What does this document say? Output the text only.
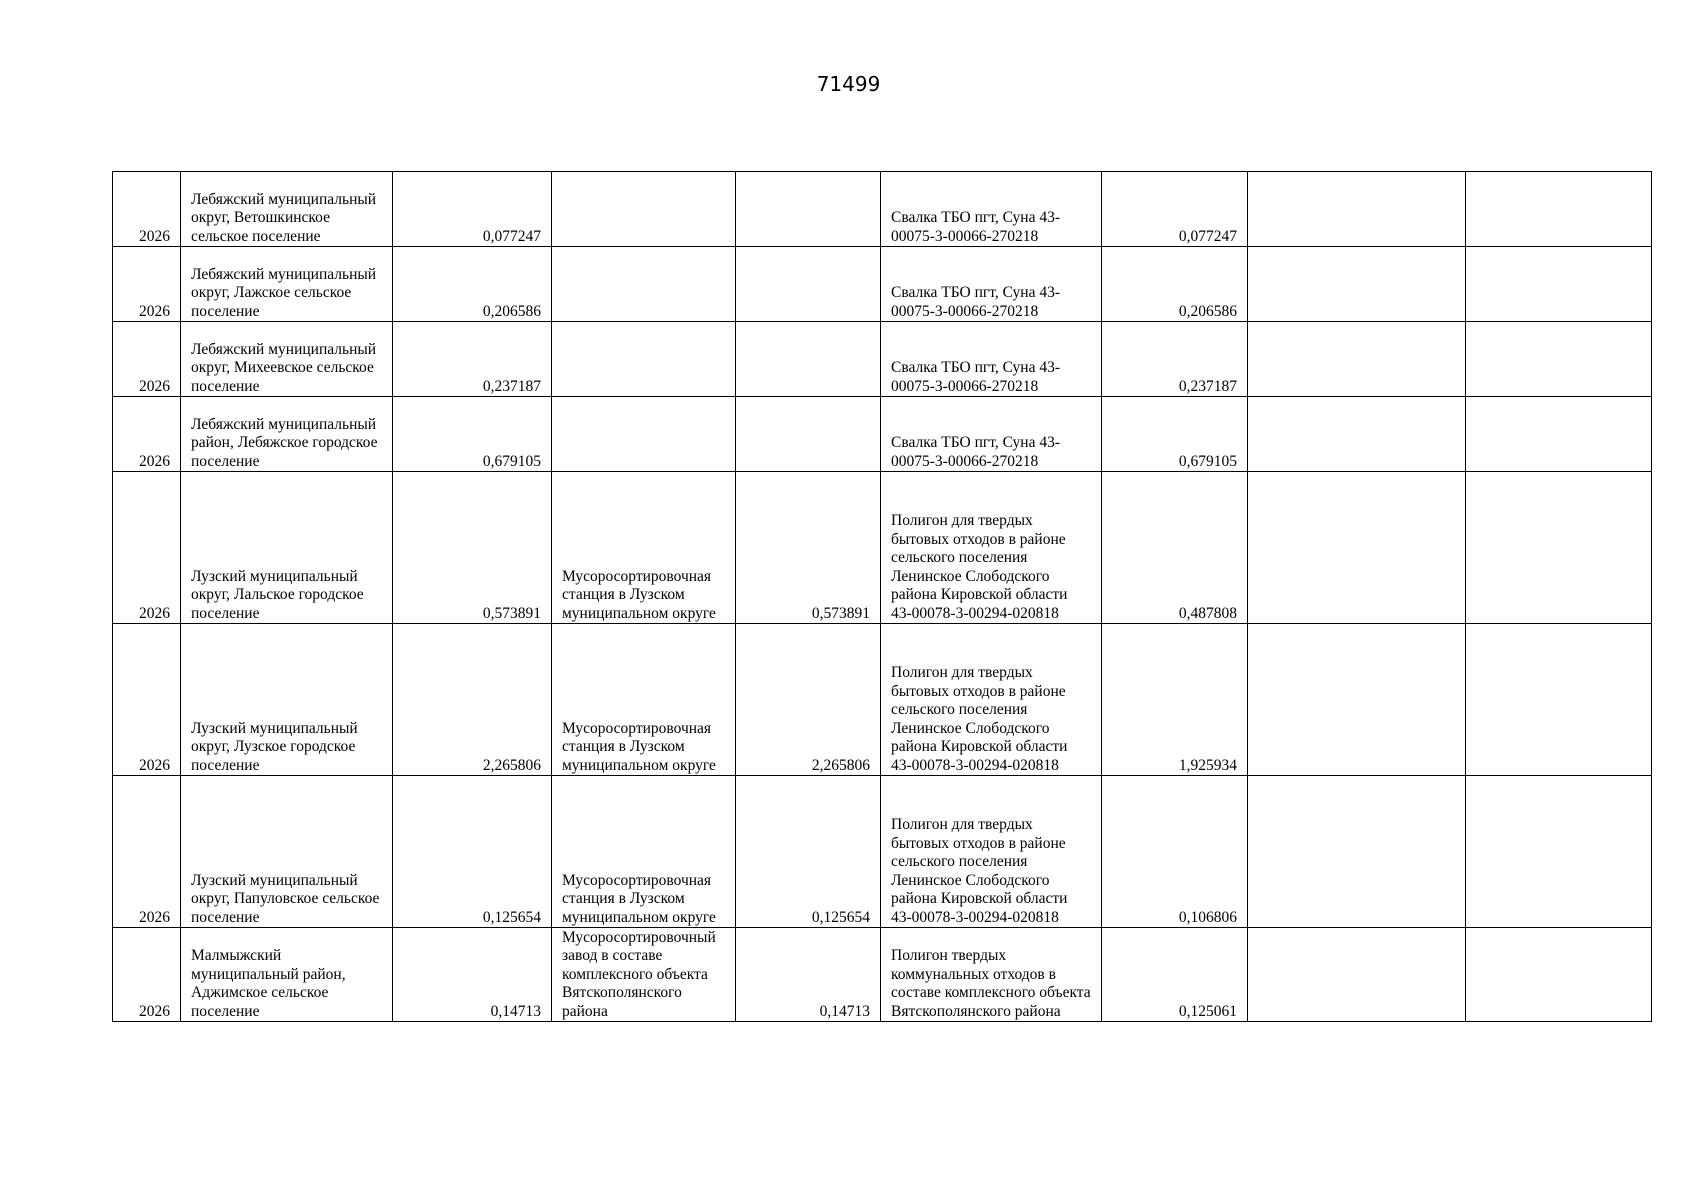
71499
2026	Лебяжский муниципальный округ, Ветошкинское сельское поселение	0,077247			Свалка ТБО пгт, Суна 43-00075-3-00066-270218	0,077247		
2026	Лебяжский муниципальный округ, Лажское сельское поселение	0,206586			Свалка ТБО пгт, Суна 43-00075-3-00066-270218	0,206586		
2026	Лебяжский муниципальный округ, Михеевское сельское поселение	0,237187			Свалка ТБО пгт, Суна 43-00075-3-00066-270218	0,237187		
2026	Лебяжский муниципальный район, Лебяжское городское поселение	0,679105			Свалка ТБО пгт, Суна 43-00075-3-00066-270218	0,679105		
2026	Лузский муниципальный округ, Лальское городское поселение	0,573891	Мусоросортировочная станция в Лузском муниципальном округе	0,573891	Полигон для твердых бытовых отходов в районе сельского поселения Ленинское Слободского района Кировской области 43-00078-3-00294-020818	0,487808		
2026	Лузский муниципальный округ, Лузское городское поселение	2,265806	Мусоросортировочная станция в Лузском муниципальном округе	2,265806	Полигон для твердых бытовых отходов в районе сельского поселения Ленинское Слободского района Кировской области 43-00078-3-00294-020818	1,925934		
2026	Лузский муниципальный округ, Папуловское сельское поселение	0,125654	Мусоросортировочная станция в Лузском муниципальном округе	0,125654	Полигон для твердых бытовых отходов в районе сельского поселения Ленинское Слободского района Кировской области 43-00078-3-00294-020818	0,106806		
2026	Малмыжский муниципальный район, Аджимское сельское поселение	0,14713	Мусоросортировочный завод в составе комплексного объекта Вятскополянского района	0,14713	Полигон твердых коммунальных отходов в составе комплексного объекта Вятскополянского района	0,125061		
